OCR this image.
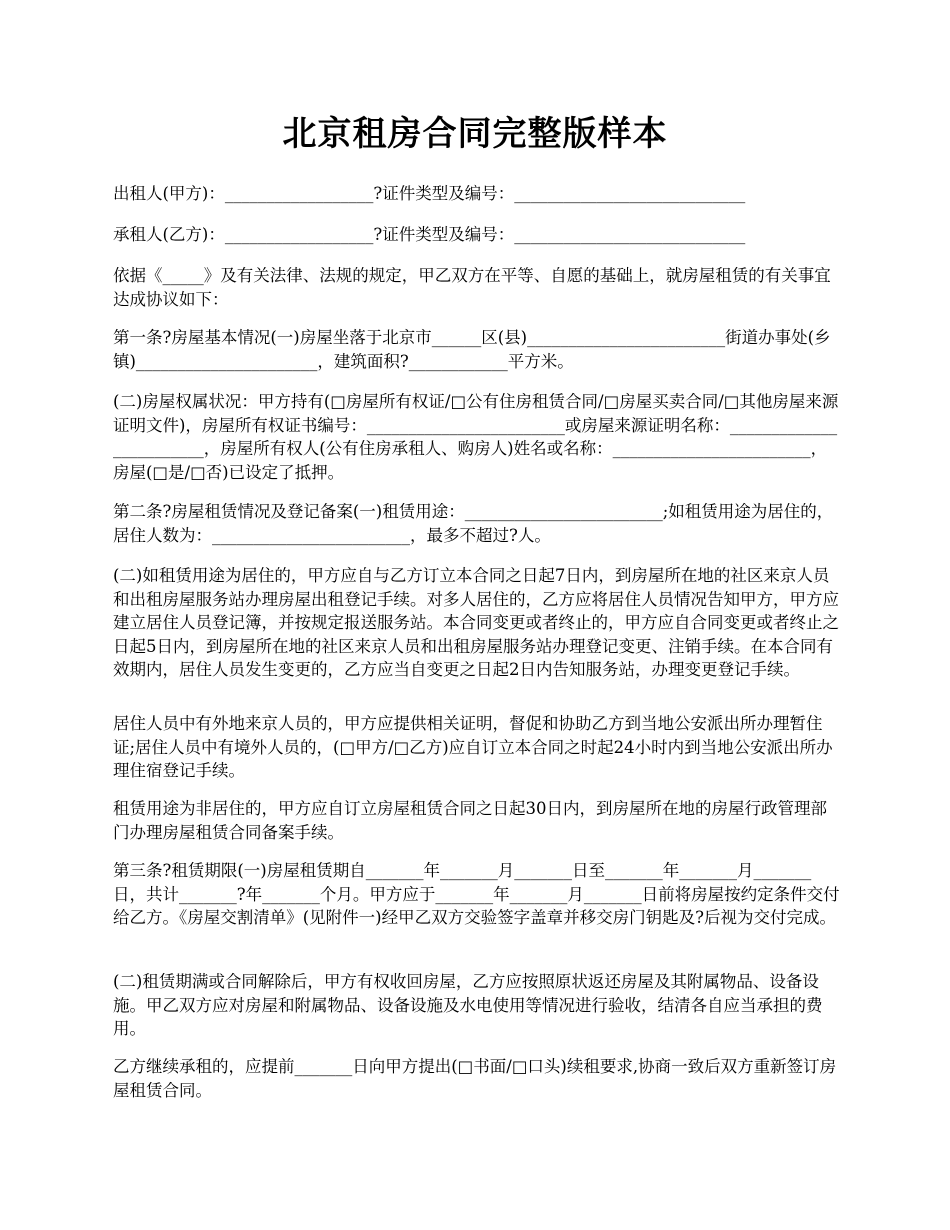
北京租房合同完整版样本

出租人(甲方)：__________________?证件类型及编号：____________________________

承租人(乙方)：__________________?证件类型及编号：____________________________

依据《_____》及有关法律、法规的规定，甲乙双方在平等、自愿的基础上，就房屋租赁的有关事宜达成协议如下：

第一条?房屋基本情况(一)房屋坐落于北京市______区(县)________________________街道办事处(乡镇)______________________，建筑面积?____________平方米。

(二)房屋权属状况：甲方持有(□房屋所有权证/□公有住房租赁合同/□房屋买卖合同/□其他房屋来源证明文件)，房屋所有权证书编号：________________________或房屋来源证明名称：________________________，房屋所有权人(公有住房承租人、购房人)姓名或名称：________________________，房屋(□是/□否)已设定了抵押。

第二条?房屋租赁情况及登记备案(一)租赁用途：________________________;如租赁用途为居住的，居住人数为：________________________，最多不超过?人。

(二)如租赁用途为居住的，甲方应自与乙方订立本合同之日起7日内，到房屋所在地的社区来京人员和出租房屋服务站办理房屋出租登记手续。对多人居住的，乙方应将居住人员情况告知甲方，甲方应建立居住人员登记簿，并按规定报送服务站。本合同变更或者终止的，甲方应自合同变更或者终止之日起5日内，到房屋所在地的社区来京人员和出租房屋服务站办理登记变更、注销手续。在本合同有效期内，居住人员发生变更的，乙方应当自变更之日起2日内告知服务站，办理变更登记手续。

居住人员中有外地来京人员的，甲方应提供相关证明，督促和协助乙方到当地公安派出所办理暂住证;居住人员中有境外人员的，(□甲方/□乙方)应自订立本合同之时起24小时内到当地公安派出所办理住宿登记手续。

租赁用途为非居住的，甲方应自订立房屋租赁合同之日起30日内，到房屋所在地的房屋行政管理部门办理房屋租赁合同备案手续。

第三条?租赁期限(一)房屋租赁期自_______年_______月_______日至_______年_______月_______日，共计_______?年_______个月。甲方应于_______年_______月_______日前将房屋按约定条件交付给乙方。《房屋交割清单》(见附件一)经甲乙双方交验签字盖章并移交房门钥匙及?后视为交付完成。

(二)租赁期满或合同解除后，甲方有权收回房屋，乙方应按照原状返还房屋及其附属物品、设备设施。甲乙双方应对房屋和附属物品、设备设施及水电使用等情况进行验收，结清各自应当承担的费用。

乙方继续承租的，应提前_______日向甲方提出(□书面/□口头)续租要求,协商一致后双方重新签订房屋租赁合同。
